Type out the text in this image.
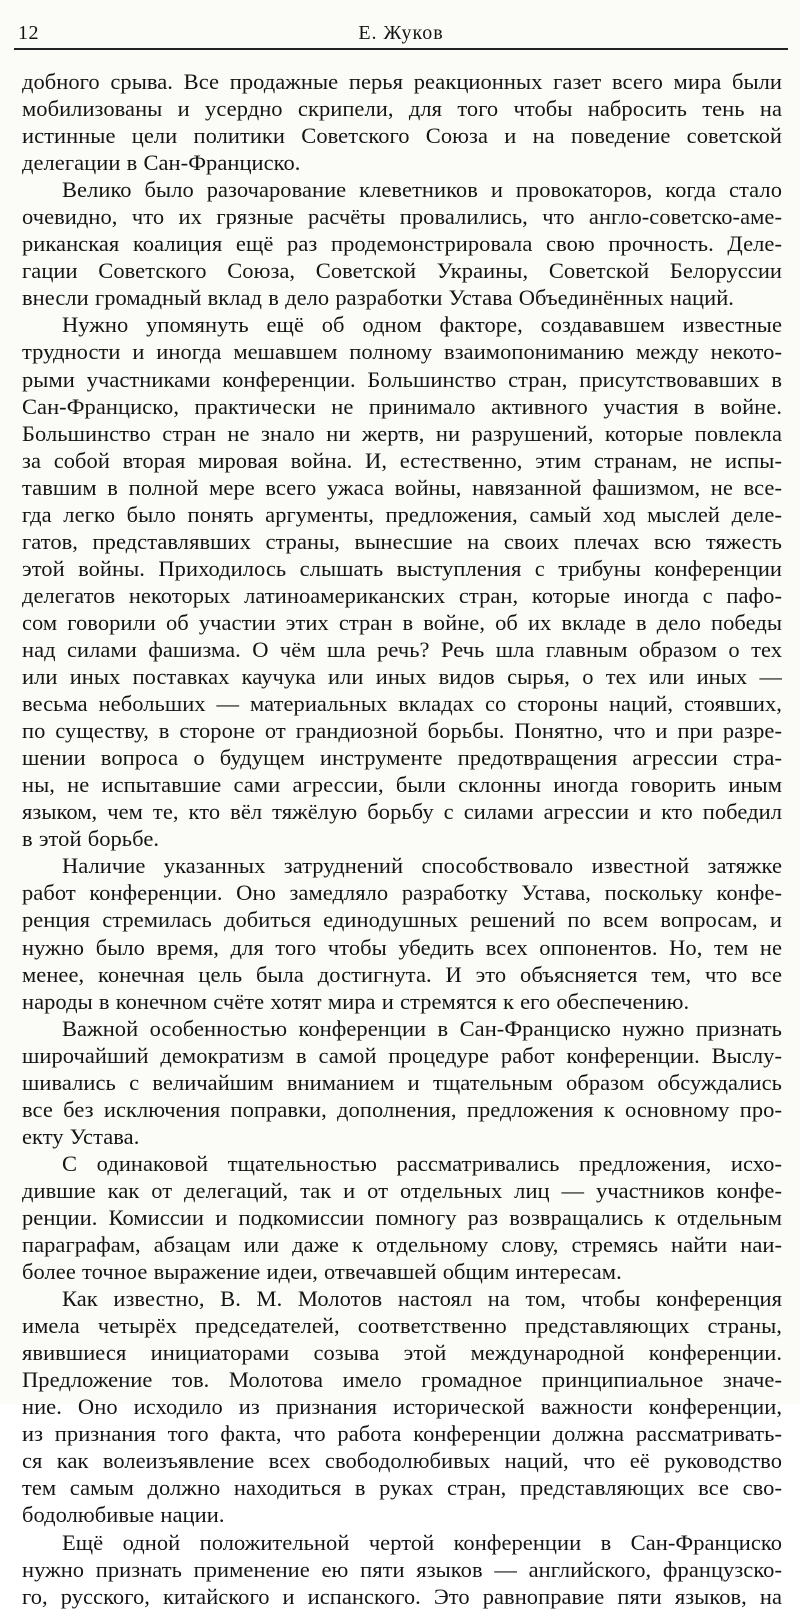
12	Е. Жуков
добного срыва. Все продажные перья реакционных газет всего мира были
мобилизованы и усердно скрипели, для того чтобы набросить тень на
истинные цели политики Советского Союза и на поведение советской
делегации в Сан-Франциско.
Велико было разочарование клеветников и провокаторов, когда стало
очевидно, что их грязные расчёты провалились, что англо-советско-аме-
риканская коалиция ещё раз продемонстрировала свою прочность. Деле-
гации Советского Союза, Советской Украины, Советской Белоруссии
внесли громадный вклад в дело разработки Устава Объединённых наций.
Нужно упомянуть ещё об одном факторе, создававшем известные
трудности и иногда мешавшем полному взаимопониманию между некото-
рыми участниками конференции. Большинство стран, присутствовавших в
Сан-Франциско, практически не принимало активного участия в войне.
Большинство стран не знало ни жертв, ни разрушений, которые повлекла
за собой вторая мировая война. И, естественно, этим странам, не испы-
тавшим в полной мере всего ужаса войны, навязанной фашизмом, не все-
гда легко было понять аргументы, предложения, самый ход мыслей деле-
гатов, представлявших страны, вынесшие на своих плечах всю тяжесть
этой войны. Приходилось слышать выступления с трибуны конференции
делегатов некоторых латиноамериканских стран, которые иногда с пафо-
сом говорили об участии этих стран в войне, об их вкладе в дело победы
над силами фашизма. О чём шла речь? Речь шла главным образом о тех
или иных поставках каучука или иных видов сырья, о тех или иных —
весьма небольших — материальных вкладах со стороны наций, стоявших,
по существу, в стороне от грандиозной борьбы. Понятно, что и при разре-
шении вопроса о будущем инструменте предотвращения агрессии стра-
ны, не испытавшие сами агрессии, были склонны иногда говорить иным
языком, чем те, кто вёл тяжёлую борьбу с силами агрессии и кто победил
в этой борьбе.
Наличие указанных затруднений способствовало известной затяжке
работ конференции. Оно замедляло разработку Устава, поскольку конфе-
ренция стремилась добиться единодушных решений по всем вопросам, и
нужно было время, для того чтобы убедить всех оппонентов. Но, тем не
менее, конечная цель была достигнута. И это объясняется тем, что все
народы в конечном счёте хотят мира и стремятся к его обеспечению.
Важной особенностью конференции в Сан-Франциско нужно признать
широчайший демократизм в самой процедуре работ конференции. Выслу-
шивались с величайшим вниманием и тщательным образом обсуждались
все без исключения поправки, дополнения, предложения к основному про-
екту Устава.
С одинаковой тщательностью рассматривались предложения, исхо-
дившие как от делегаций, так и от отдельных лиц — участников конфе-
ренции. Комиссии и подкомиссии помногу раз возвращались к отдельным
параграфам, абзацам или даже к отдельному слову, стремясь найти наи-
более точное выражение идеи, отвечавшей общим интересам.
Как известно, В. М. Молотов настоял на том, чтобы конференция
имела четырёх председателей, соответственно представляющих страны,
явившиеся инициаторами созыва этой международной конференции.
Предложение тов. Молотова имело громадное принципиальное значе-
ние. Оно исходило из признания исторической важности конференции,
из признания того факта, что работа конференции должна рассматривать-
ся как волеизъявление всех свободолюбивых наций, что её руководство
тем самым должно находиться в руках стран, представляющих все сво-
бодолюбивые нации.
Ещё одной положительной чертой конференции в Сан-Франциско
нужно признать применение ею пяти языков — английского, французско-
го, русского, китайского и испанского. Это равноправие пяти языков, на
